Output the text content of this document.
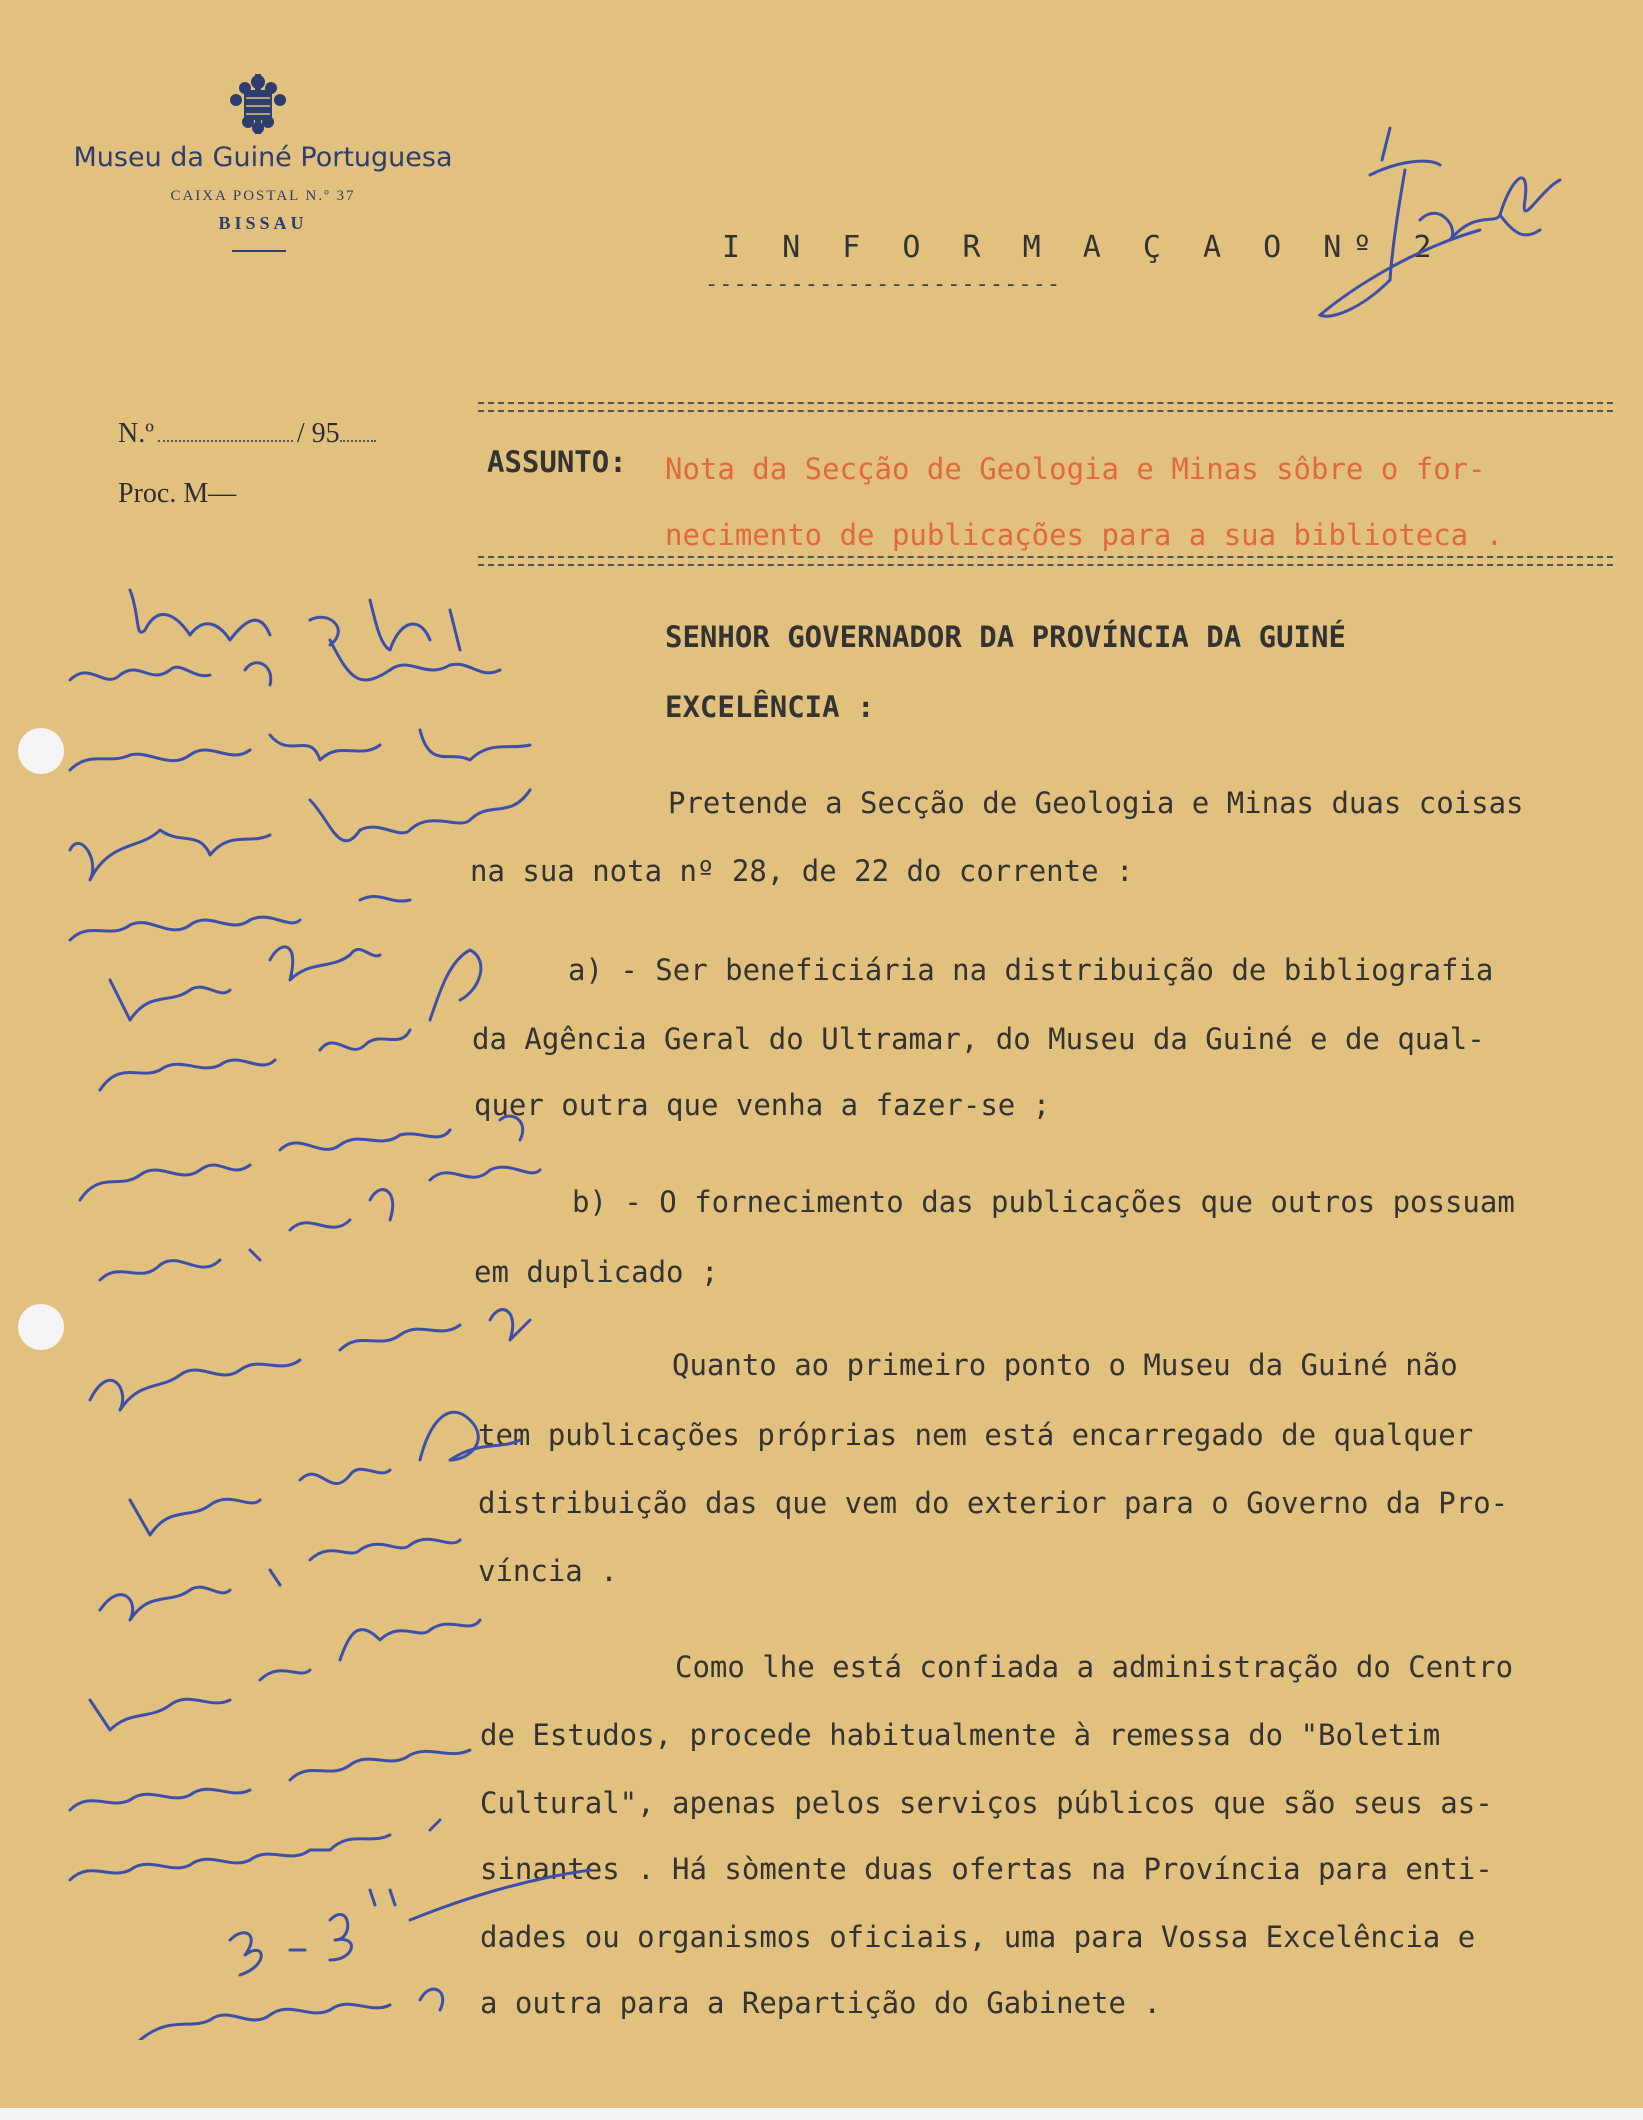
Museu da Guiné Portuguesa
CAIXA POSTAL N.º 37
BISSAU
I N F O R M A Ç A O Nº 2
-------------------------
N.º	/ 95
Proc. M—
ASSUNTO: Nota da Secção de Geologia e Minas sôbre o for-
necimento de publicações para a sua biblioteca .
SENHOR GOVERNADOR DA PROVÍNCIA DA GUINÉ
EXCELÊNCIA :
Pretende a Secção de Geologia e Minas duas coisas
na sua nota nº 28, de 22 do corrente :
a) - Ser beneficiária na distribuição de bibliografia
da Agência Geral do Ultramar, do Museu da Guiné e de qual-
quer outra que venha a fazer-se ;
b) - O fornecimento das publicações que outros possuam
em duplicado ;
Quanto ao primeiro ponto o Museu da Guiné não
tem publicações próprias nem está encarregado de qualquer
distribuição das que vem do exterior para o Governo da Pro-
víncia .
Como lhe está confiada a administração do Centro
de Estudos, procede habitualmente à remessa do "Boletim
Cultural", apenas pelos serviços públicos que são seus as-
sinantes . Há sòmente duas ofertas na Província para enti-
dades ou organismos oficiais, uma para Vossa Excelência e
a outra para a Repartição do Gabinete .
